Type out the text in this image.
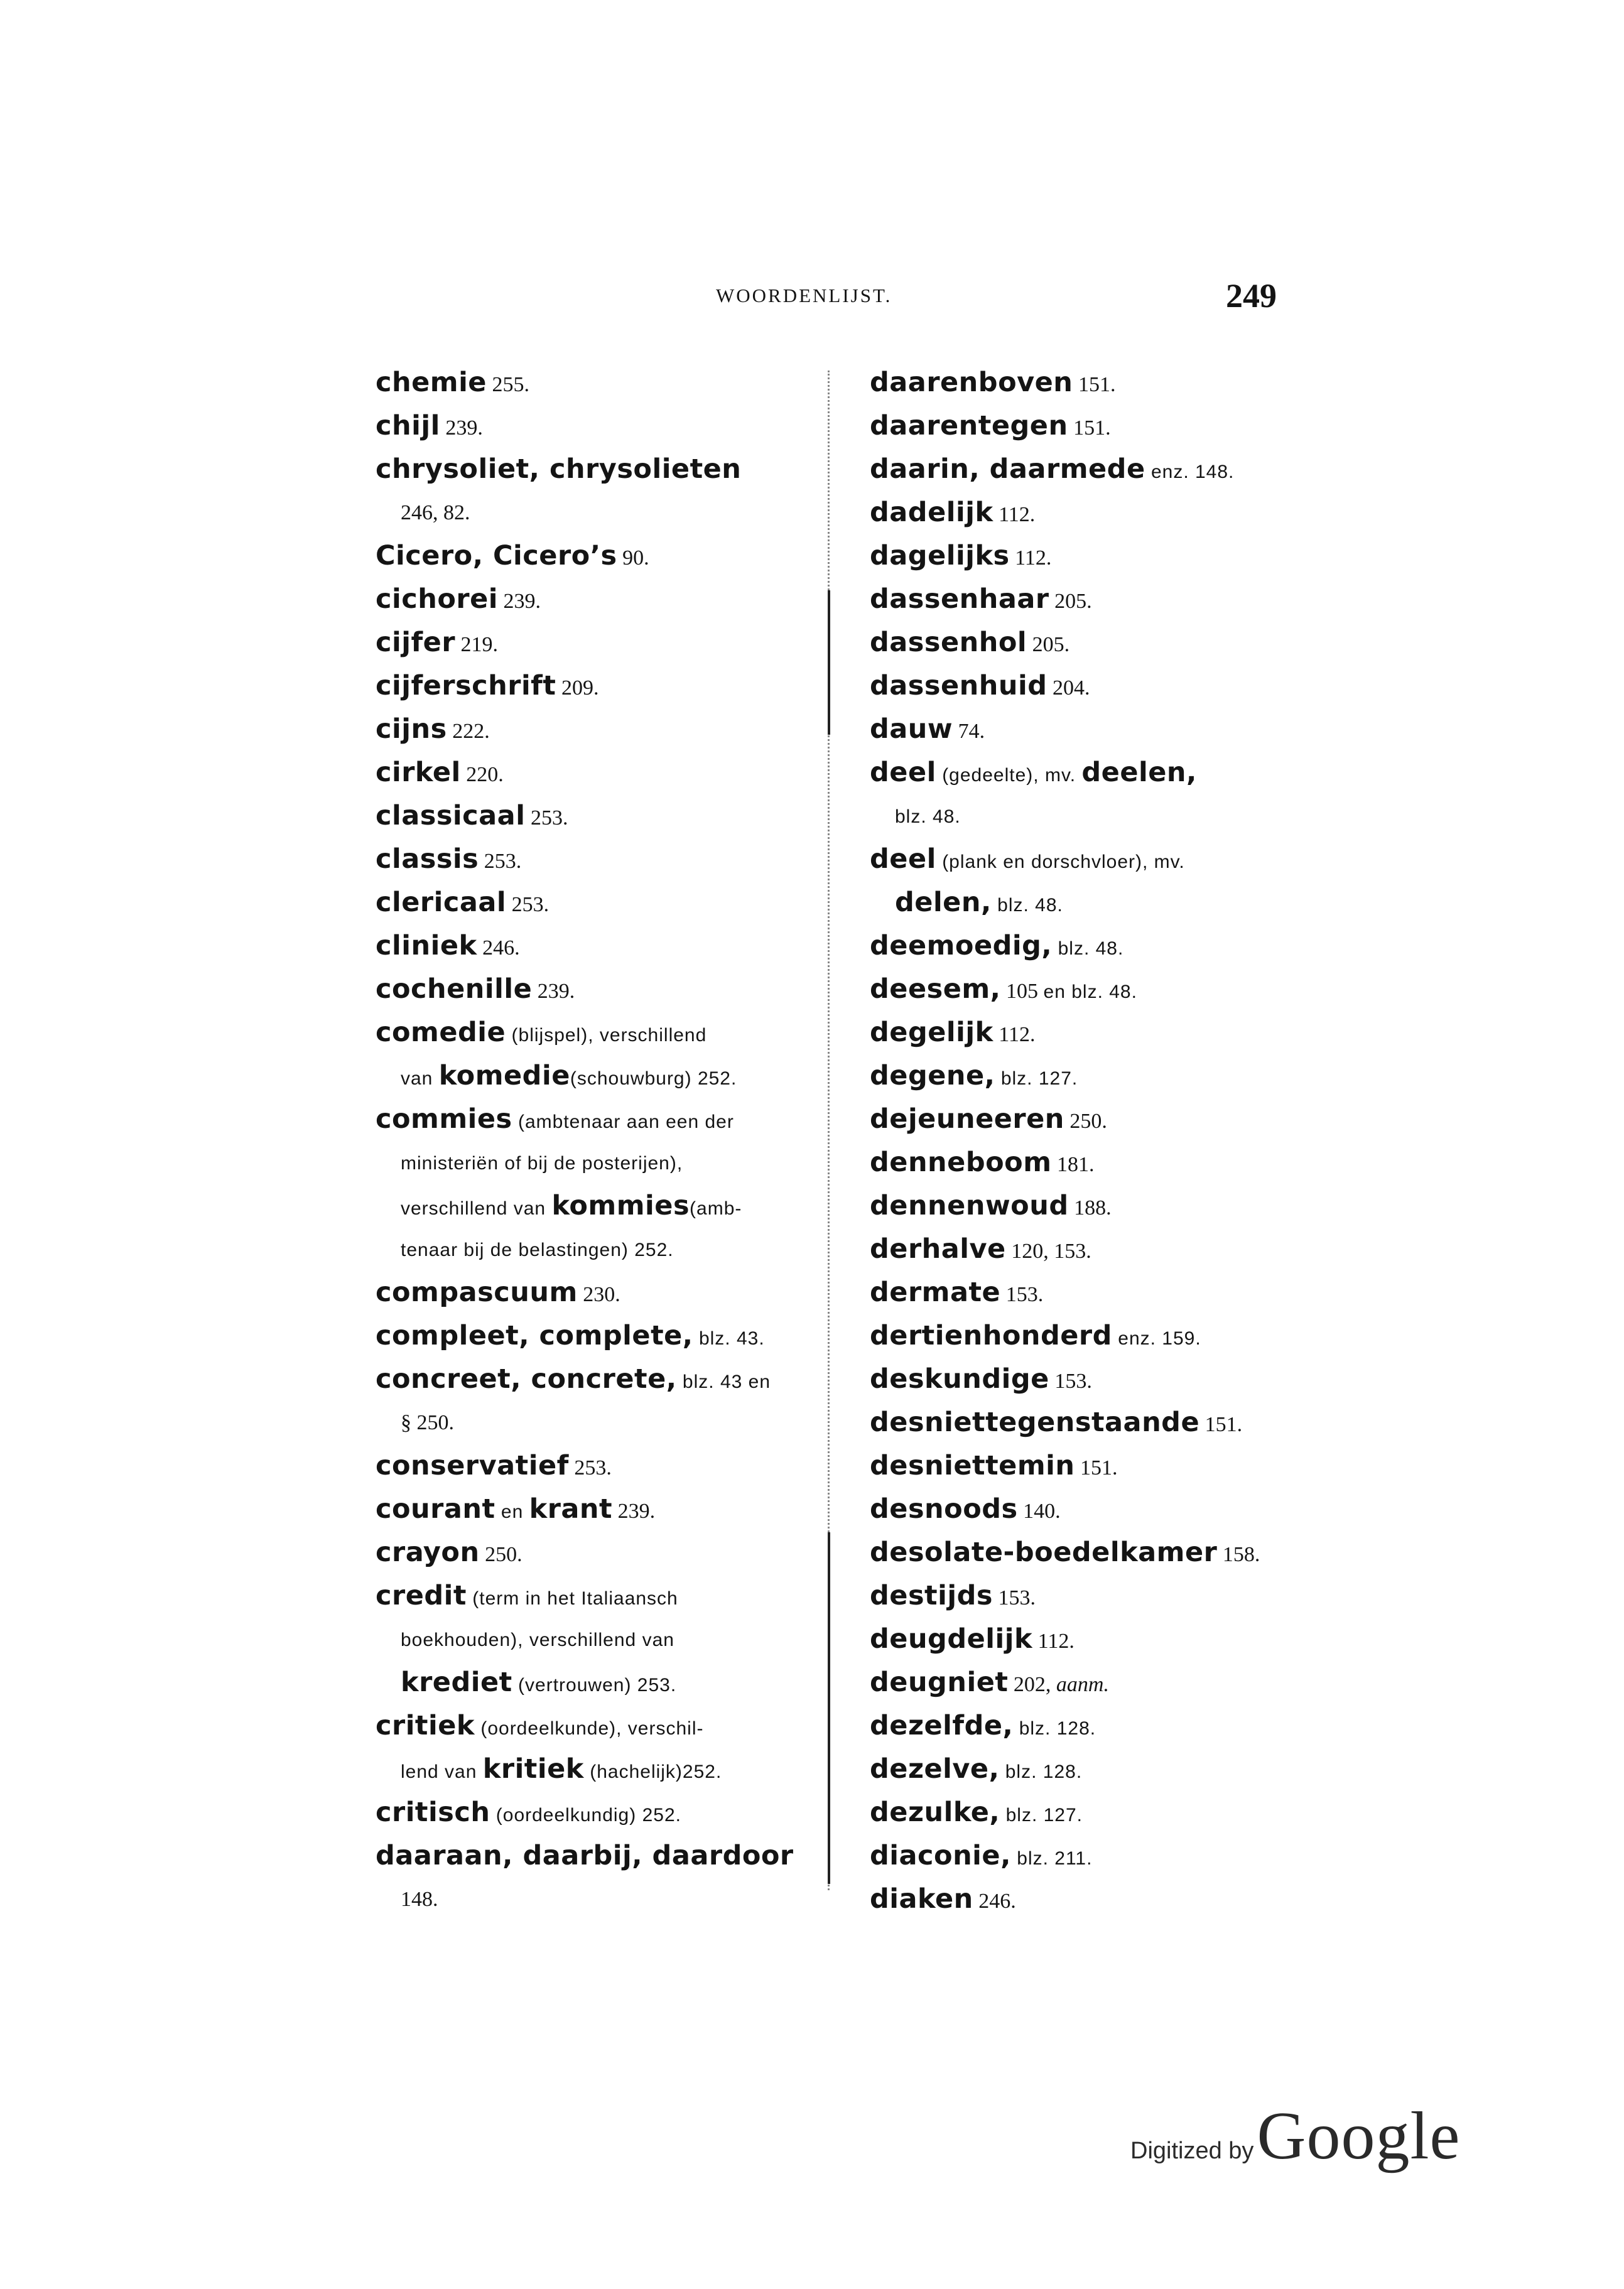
WOORDENLIJST.	249
chemie 255.
chijl 239.
chrysoliet, chrysolieten
246, 82.
Cicero, Cicero’s 90.
cichorei 239.
cijfer 219.
cijferschrift 209.
cijns 222.
cirkel 220.
classicaal 253.
classis 253.
clericaal 253.
cliniek 246.
cochenille 239.
comedie (blijspel), verschillend
van komedie(schouwburg) 252.
commies (ambtenaar aan een der
ministeriën of bij de posterijen),
verschillend van kommies(amb-
tenaar bij de belastingen) 252.
compascuum 230.
compleet, complete, blz. 43.
concreet, concrete, blz. 43 en
§ 250.
conservatief 253.
courant en krant 239.
crayon 250.
credit (term in het Italiaansch
boekhouden), verschillend van
krediet (vertrouwen) 253.
critiek (oordeelkunde), verschil-
lend van kritiek (hachelijk)252.
critisch (oordeelkundig) 252.
daaraan, daarbij, daardoor
148.
daarenboven 151.
daarentegen 151.
daarin, daarmede enz. 148.
dadelijk 112.
dagelijks 112.
dassenhaar 205.
dassenhol 205.
dassenhuid 204.
dauw 74.
deel (gedeelte), mv. deelen,
blz. 48.
deel (plank en dorschvloer), mv.
delen, blz. 48.
deemoedig, blz. 48.
deesem, 105 en blz. 48.
degelijk 112.
degene, blz. 127.
dejeuneeren 250.
denneboom 181.
dennenwoud 188.
derhalve 120, 153.
dermate 153.
dertienhonderd enz. 159.
deskundige 153.
desniettegenstaande 151.
desniettemin 151.
desnoods 140.
desolate-boedelkamer 158.
destijds 153.
deugdelijk 112.
deugniet 202, aanm.
dezelfde, blz. 128.
dezelve, blz. 128.
dezulke, blz. 127.
diaconie, blz. 211.
diaken 246.
Digitized by Google
